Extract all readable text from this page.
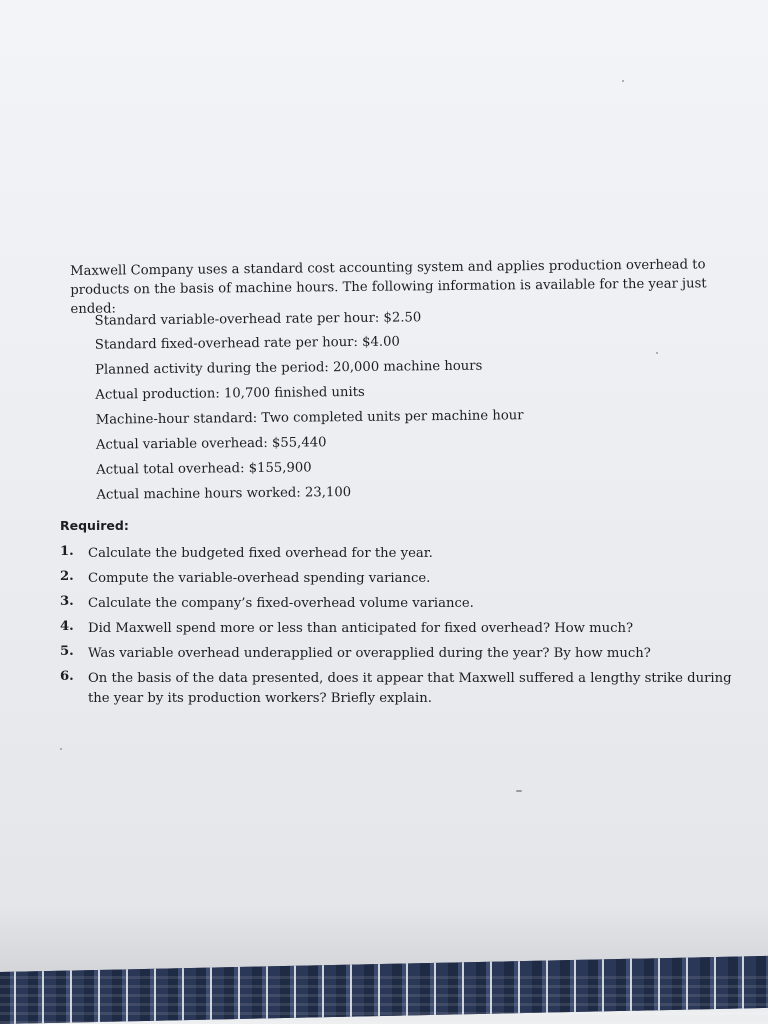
Maxwell Company uses a standard cost accounting system and applies production overhead to products on the basis of machine hours. The following information is available for the year just ended:
Standard variable-overhead rate per hour: $2.50
Standard fixed-overhead rate per hour: $4.00
Planned activity during the period: 20,000 machine hours
Actual production: 10,700 finished units
Machine-hour standard: Two completed units per machine hour
Actual variable overhead: $55,440
Actual total overhead: $155,900
Actual machine hours worked: 23,100
Required:
1.	Calculate the budgeted fixed overhead for the year.
2.	Compute the variable-overhead spending variance.
3.	Calculate the company’s fixed-overhead volume variance.
4.	Did Maxwell spend more or less than anticipated for fixed overhead? How much?
5.	Was variable overhead underapplied or overapplied during the year? By how much?
6.	On the basis of the data presented, does it appear that Maxwell suffered a lengthy strike during the year by its production workers? Briefly explain.
